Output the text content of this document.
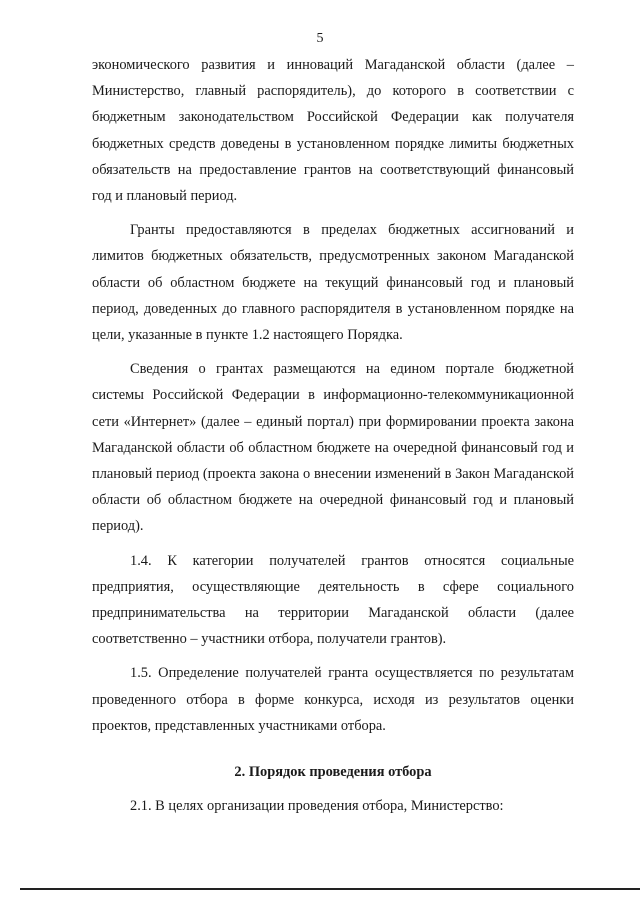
5

экономического развития и инноваций Магаданской области (далее – Министерство, главный распорядитель), до которого в соответствии с бюджетным законодательством Российской Федерации как получателя бюджетных средств доведены в установленном порядке лимиты бюджетных обязательств на предоставление грантов на соответствующий финансовый год и плановый период.

Гранты предоставляются в пределах бюджетных ассигнований и лимитов бюджетных обязательств, предусмотренных законом Магаданской области об областном бюджете на текущий финансовый год и плановый период, доведенных до главного распорядителя в установленном порядке на цели, указанные в пункте 1.2 настоящего Порядка.

Сведения о грантах размещаются на едином портале бюджетной системы Российской Федерации в информационно-телекоммуникационной сети «Интернет» (далее – единый портал) при формировании проекта закона Магаданской области об областном бюджете на очередной финансовый год и плановый период (проекта закона о внесении изменений в Закон Магаданской области об областном бюджете на очередной финансовый год и плановый период).

1.4. К категории получателей грантов относятся социальные предприятия, осуществляющие деятельность в сфере социального предпринимательства на территории Магаданской области (далее соответственно – участники отбора, получатели грантов).

1.5. Определение получателей гранта осуществляется по результатам проведенного отбора в форме конкурса, исходя из результатов оценки проектов, представленных участниками отбора.

2. Порядок проведения отбора

2.1. В целях организации проведения отбора, Министерство:
